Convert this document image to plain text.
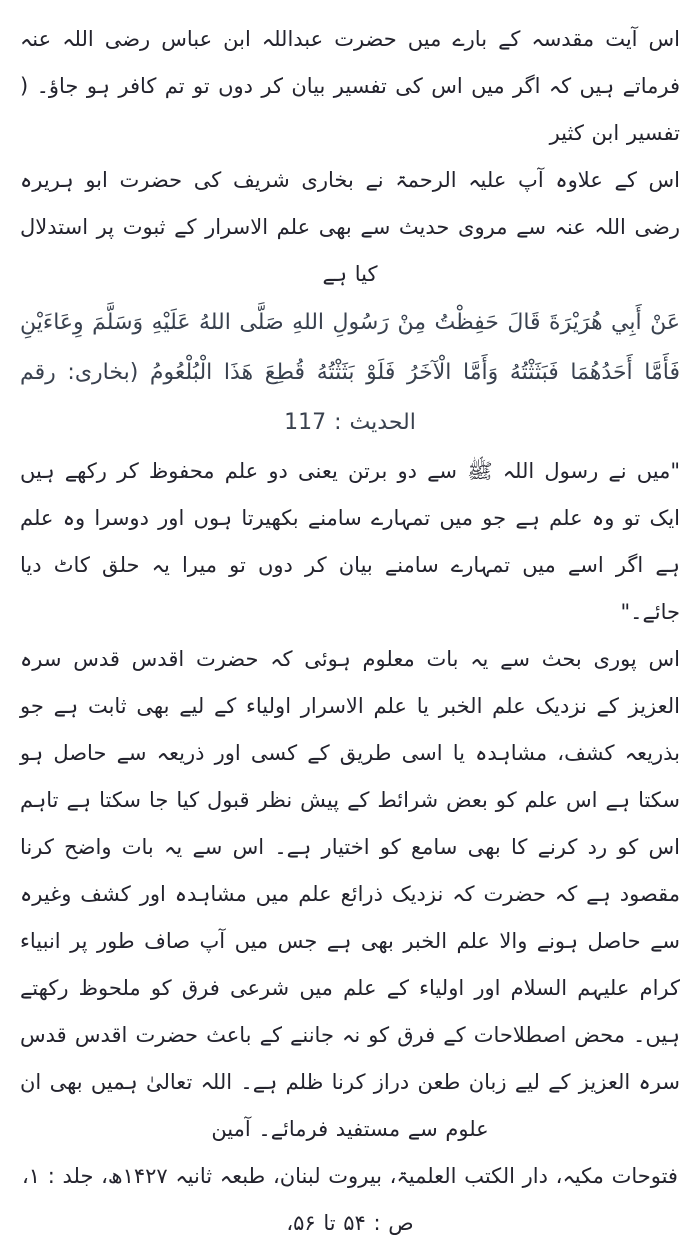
اس آیت مقدسہ کے بارے میں حضرت عبداللہ ابن عباس رضی اللہ عنہ فرماتے ہیں کہ اگر میں اس کی تفسیر بیان کر دوں تو تم کافر ہو جاؤ۔ ( تفسیر ابن کثیر

اس کے علاوہ آپ علیہ الرحمۃ نے بخاری شریف کی حضرت ابو ہریرہ رضی اللہ عنہ سے مروی حدیث سے بھی علم الاسرار کے ثبوت پر استدلال کیا ہے

عَنْ أَبِي هُرَيْرَةَ قَالَ حَفِظْتُ مِنْ رَسُولِ اللهِ صَلَّى اللهُ عَلَيْهِ وَسَلَّمَ وِعَاءَيْنِ فَأَمَّا أَحَدُهُمَا فَبَثَثْتُهُ وَأَمَّا الْآخَرُ فَلَوْ بَثَثْتُهُ قُطِعَ هَذَا الْبُلْعُومُ (بخاری: رقم الحدیث : 117

"میں نے رسول اللہ ﷺ سے دو برتن یعنی دو علم محفوظ کر رکھے ہیں ایک تو وہ علم ہے جو میں تمہارے سامنے بکھیرتا ہوں اور دوسرا وہ علم ہے اگر اسے میں تمہارے سامنے بیان کر دوں تو میرا یہ حلق کاٹ دیا جائے۔"

اس پوری بحث سے یہ بات معلوم ہوئی کہ حضرت اقدس قدس سرہ العزیز کے نزدیک علم الخبر یا علم الاسرار اولیاء کے لیے بھی ثابت ہے جو بذریعہ کشف، مشاہدہ یا اسی طریق کے کسی اور ذریعہ سے حاصل ہو سکتا ہے اس علم کو بعض شرائط کے پیش نظر قبول کیا جا سکتا ہے تاہم اس کو رد کرنے کا بھی سامع کو اختیار ہے۔ اس سے یہ بات واضح کرنا مقصود ہے کہ حضرت کہ نزدیک ذرائع علم میں مشاہدہ اور کشف وغیرہ سے حاصل ہونے والا علم الخبر بھی ہے جس میں آپ صاف طور پر انبیاء کرام علیہم السلام اور اولیاء کے علم میں شرعی فرق کو ملحوظ رکھتے ہیں۔ محض اصطلاحات کے فرق کو نہ جاننے کے باعث حضرت اقدس قدس سرہ العزیز کے لیے زبان طعن دراز کرنا ظلم ہے۔ اللہ تعالیٰ ہمیں بھی ان علوم سے مستفید فرمائے۔ آمین

فتوحات مکیہ، دار الکتب العلمیۃ، بیروت لبنان، طبعہ ثانیہ ۱۴۲۷ھ، جلد : ۱، ص : ۵۴ تا ۵۶،
